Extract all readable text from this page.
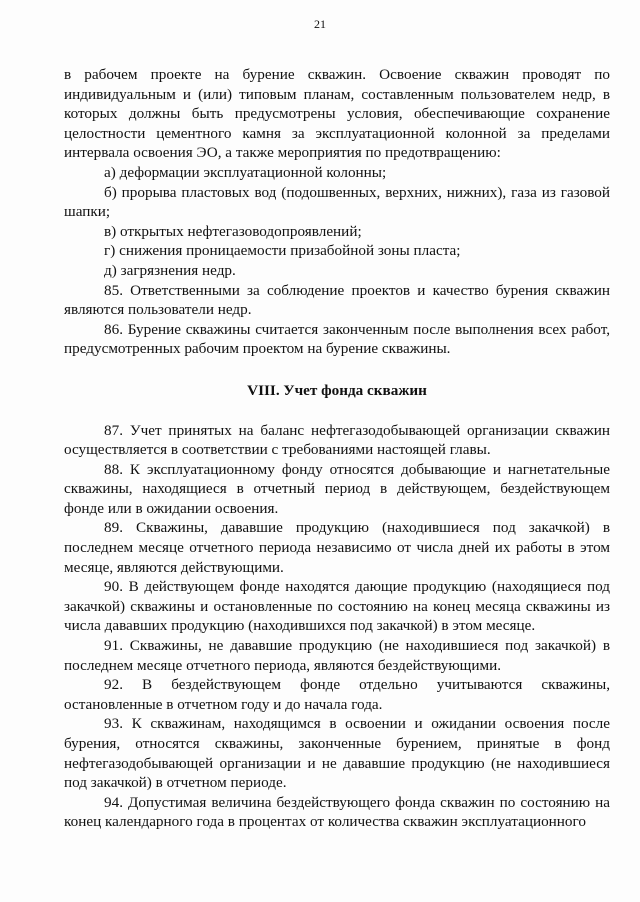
21

в рабочем проекте на бурение скважин. Освоение скважин проводят по индивидуальным и (или) типовым планам, составленным пользователем недр, в которых должны быть предусмотрены условия, обеспечивающие сохранение целостности цементного камня за эксплуатационной колонной за пределами интервала освоения ЭО, а также мероприятия по предотвращению:

а) деформации эксплуатационной колонны;

б) прорыва пластовых вод (подошвенных, верхних, нижних), газа из газовой шапки;

в) открытых нефтегазоводопроявлений;

г) снижения проницаемости призабойной зоны пласта;

д) загрязнения недр.

85. Ответственными за соблюдение проектов и качество бурения скважин являются пользователи недр.

86. Бурение скважины считается законченным после выполнения всех работ, предусмотренных рабочим проектом на бурение скважины.

VIII. Учет фонда скважин

87. Учет принятых на баланс нефтегазодобывающей организации скважин осуществляется в соответствии с требованиями настоящей главы.

88. К эксплуатационному фонду относятся добывающие и нагнетательные скважины, находящиеся в отчетный период в действующем, бездействующем фонде или в ожидании освоения.

89. Скважины, дававшие продукцию (находившиеся под закачкой) в последнем месяце отчетного периода независимо от числа дней их работы в этом месяце, являются действующими.

90. В действующем фонде находятся дающие продукцию (находящиеся под закачкой) скважины и остановленные по состоянию на конец месяца скважины из числа дававших продукцию (находившихся под закачкой) в этом месяце.

91. Скважины, не дававшие продукцию (не находившиеся под закачкой) в последнем месяце отчетного периода, являются бездействующими.

92. В бездействующем фонде отдельно учитываются скважины, остановленные в отчетном году и до начала года.

93. К скважинам, находящимся в освоении и ожидании освоения после бурения, относятся скважины, законченные бурением, принятые в фонд нефтегазодобывающей организации и не дававшие продукцию (не находившиеся под закачкой) в отчетном периоде.

94. Допустимая величина бездействующего фонда скважин по состоянию на конец календарного года в процентах от количества скважин эксплуатационного
